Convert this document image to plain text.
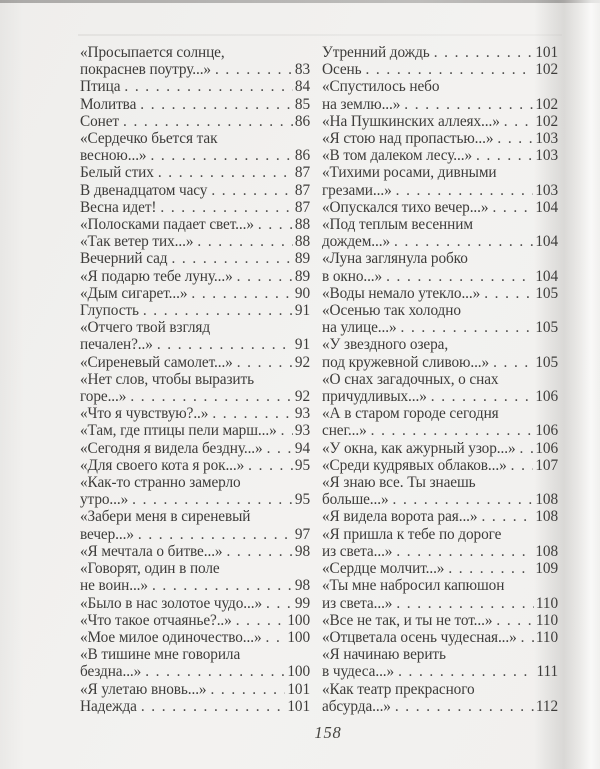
«Просыпается солнце,
покраснев поутру...» . . .	83
Птица . . .	84
Молитва . . .	85
Сонет . . .	86
«Сердечко бьется так
весною...» . . .	86
Белый стих . . .	87
В двенадцатом часу . . .	87
Весна идет! . . .	87
«Полосками падает свет...» . . .	88
«Так ветер тих...» . . .	88
Вечерний сад . . .	89
«Я подарю тебе луну...» . . .	89
«Дым сигарет...» . . .	90
Глупость . . .	91
«Отчего твой взгляд
печален?..» . . .	91
«Сиреневый самолет...» . . .	92
«Нет слов, чтобы выразить
горе...» . . .	92
«Что я чувствую?..» . . .	93
«Там, где птицы пели марш...» . . . 93
«Сегодня я видела бездну...» . . . 94
«Для своего кота я рок...» . . .	95
«Как-то странно замерло
утро...» . . .	95
«Забери меня в сиреневый
вечер...» . . .	97
«Я мечтала о битве...» . . .	98
«Говорят, один в поле
не воин...» . . .	98
«Было в нас золотое чудо...» . . . 99
«Что такое отчаянье?..» . . .	100
«Мое милое одиночество...» . . . 100
«В тишине мне говорила
бездна...» . . .	100
«Я улетаю вновь...» . . .	101
Надежда . . .	101
Утренний дождь . . .	101
Осень . . .	102
«Спустилось небо
на землю...» . . .	102
«На Пушкинских аллеях...» . . . 102
«Я стою над пропастью...» . . .	103
«В том далеком лесу...» . . .	103
«Тихими росами, дивными
грезами...» . . .	103
«Опускался тихо вечер...» . . .	104
«Под теплым весенним
дождем...» . . .	104
«Луна заглянула робко
в окно...» . . .	104
«Воды немало утекло...» . . .	105
«Осенью так холодно
на улице...» . . .	105
«У звездного озера,
под кружевной сливою...» . . .	105
«О снах загадочных, о снах
причудливых...» . . .	106
«А в старом городе сегодня
снег...» . . .	106
«У окна, как ажурный узор...» . . . 106
«Среди кудрявых облаков...» . . . 107
«Я знаю все. Ты знаешь
больше...» . . .	108
«Я видела ворота рая...» . . .	108
«Я пришла к тебе по дороге
из света...» . . .	108
«Сердце молчит...» . . .	109
«Ты мне набросил капюшон
из света...» . . .	110
«Все не так, и ты не тот...» . . .	110
«Отцветала осень чудесная...» . . . 110
«Я начинаю верить
в чудеса...» . . .	111
«Как театр прекрасного
абсурда...» . . .	112
158
